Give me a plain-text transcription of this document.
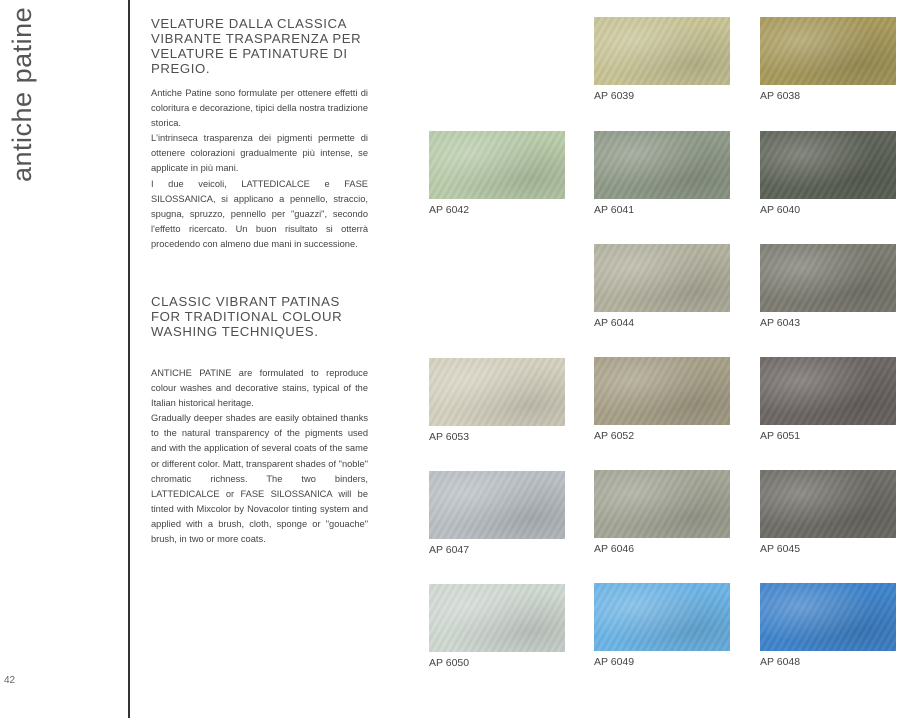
antiche patine
42
VELATURE DALLA CLASSICA VIBRANTE TRASPARENZA PER VELATURE E PATINATURE DI PREGIO.

Antiche Patine sono formulate per ottenere effetti di coloritura e decorazione, tipici della nostra tradizione storica.

L'intrinseca trasparenza dei pigmenti permette di ottenere colorazioni gradualmente più intense, se applicate in più mani.

I due veicoli, LATTEDICALCE e FASE SILOSSANICA, si applicano a pennello, straccio, spugna, spruzzo, pennello per "guazzi", secondo l'effetto ricercato. Un buon risultato si otterrà procedendo con almeno due mani in successione.

CLASSIC VIBRANT PATINAS FOR TRADITIONAL COLOUR WASHING TECHNIQUES.

ANTICHE PATINE are formulated to reproduce colour washes and decorative stains, typical of the Italian historical heritage.

Gradually deeper shades are easily obtained thanks to the natural transparency of the pigments used and with the application of several coats of the same or different color. Matt, transparent shades of "noble" chromatic richness. The two binders, LATTEDICALCE or FASE SILOSSANICA will be tinted with Mixcolor by Novacolor tinting system and applied with a brush, cloth, sponge or "gouache" brush, in two or more coats.

AP 6039	AP 6038
AP 6042	AP 6041	AP 6040
AP 6044	AP 6043
AP 6053	AP 6052	AP 6051
AP 6047	AP 6046	AP 6045
AP 6050	AP 6049	AP 6048
